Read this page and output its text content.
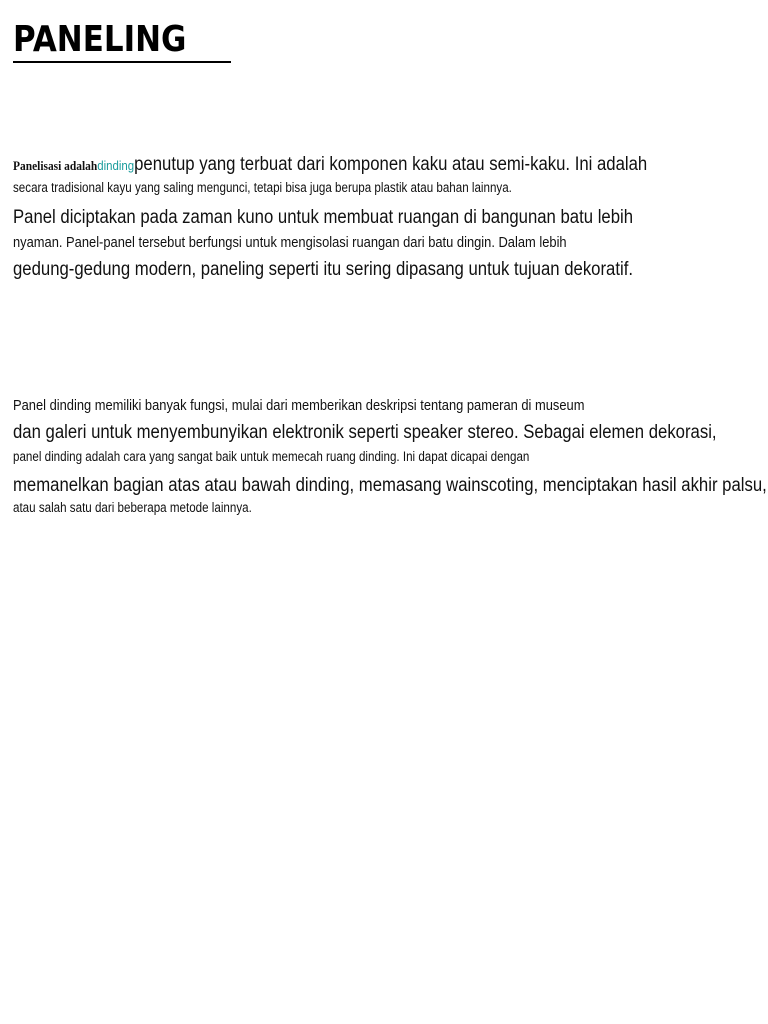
PANELING

Panelisasi adalahdindingpenutup yang terbuat dari komponen kaku atau semi-kaku. Ini adalah

secara tradisional kayu yang saling mengunci, tetapi bisa juga berupa plastik atau bahan lainnya.

Panel diciptakan pada zaman kuno untuk membuat ruangan di bangunan batu lebih

nyaman. Panel-panel tersebut berfungsi untuk mengisolasi ruangan dari batu dingin. Dalam lebih

gedung-gedung modern, paneling seperti itu sering dipasang untuk tujuan dekoratif.

Panel dinding memiliki banyak fungsi, mulai dari memberikan deskripsi tentang pameran di museum

dan galeri untuk menyembunyikan elektronik seperti speaker stereo. Sebagai elemen dekorasi,

panel dinding adalah cara yang sangat baik untuk memecah ruang dinding. Ini dapat dicapai dengan

memanelkan bagian atas atau bawah dinding, memasang wainscoting, menciptakan hasil akhir palsu,

atau salah satu dari beberapa metode lainnya.
